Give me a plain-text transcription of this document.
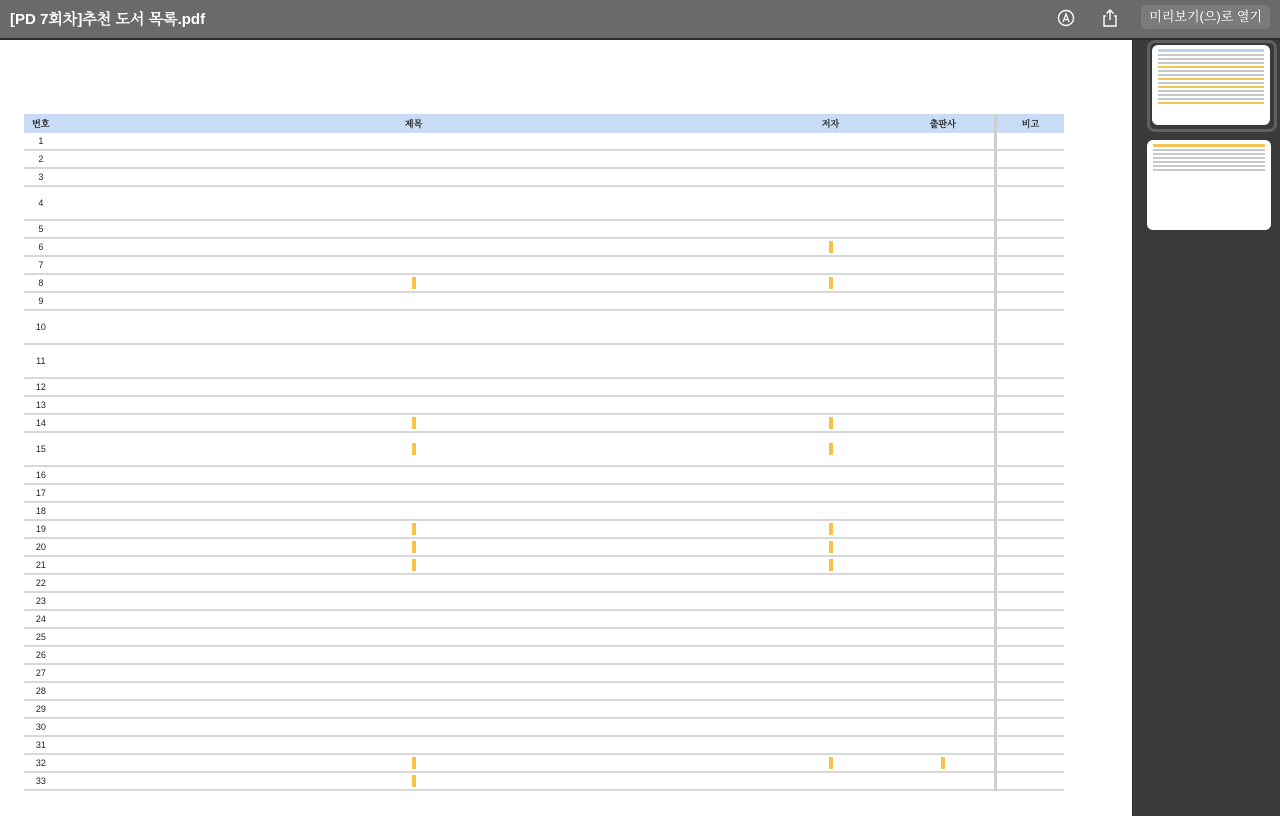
[PD 7회차]추천 도서 목록.pdf	미리보기(으)로 열기
번호	제목	저자	출판사	비고
1				
2				
3				
4				
5				
6				
7				
8				
9				
10				
11				
12				
13				
14				
15				
16				
17				
18				
19				
20				
21				
22				
23				
24				
25				
26				
27				
28				
29				
30				
31				
32				
33				
